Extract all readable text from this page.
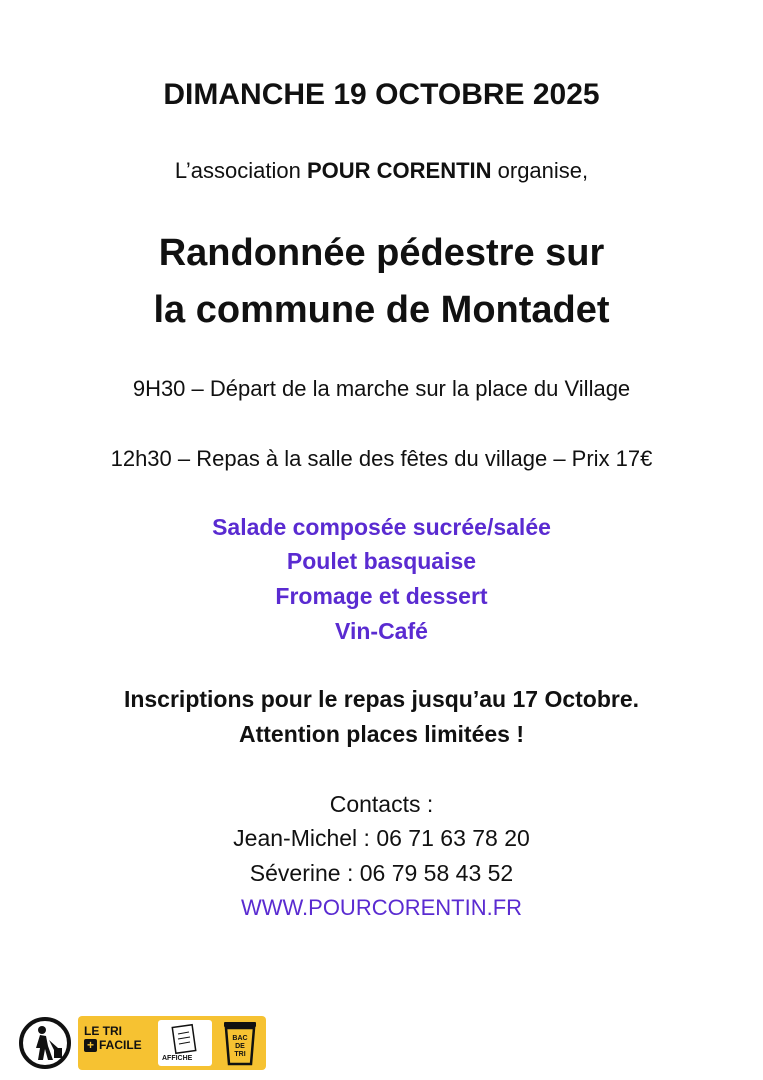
DIMANCHE 19 OCTOBRE 2025
L’association POUR CORENTIN organise,
Randonnée pédestre sur
la commune de Montadet
9H30 – Départ de la marche sur la place du Village
12h30 – Repas à la salle des fêtes du village – Prix 17€
Salade composée sucrée/salée
Poulet basquaise
Fromage et dessert
Vin-Café
Inscriptions pour le repas jusqu’au 17 Octobre.
Attention places limitées !
Contacts :
Jean-Michel : 06 71 63 78 20
Séverine : 06 79 58 43 52
WWW.POURCORENTIN.FR
LE TRI
+ FACILE
AFFICHE
BAC
DE
TRI
